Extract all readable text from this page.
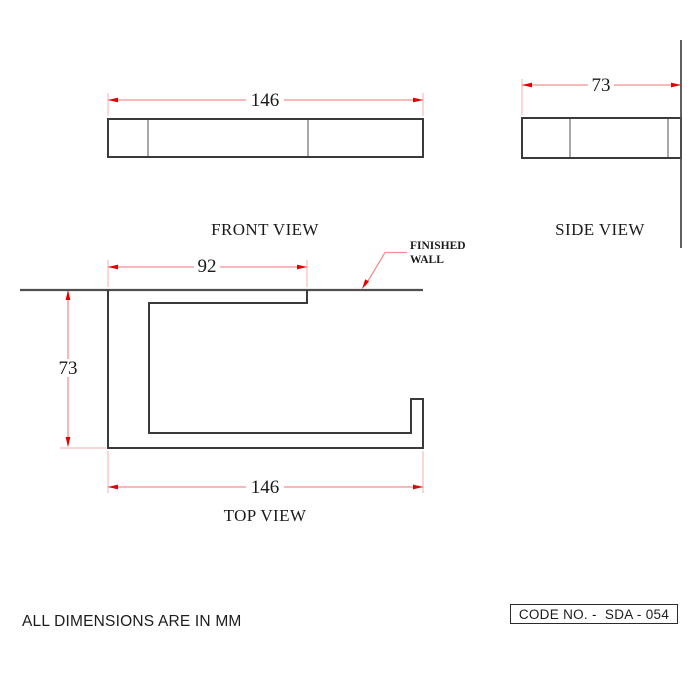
146
73
92
73
146
FRONT VIEW	SIDE VIEW
TOP VIEW
FINISHED WALL
ALL DIMENSIONS ARE IN MM	CODE NO. -  SDA - 054
